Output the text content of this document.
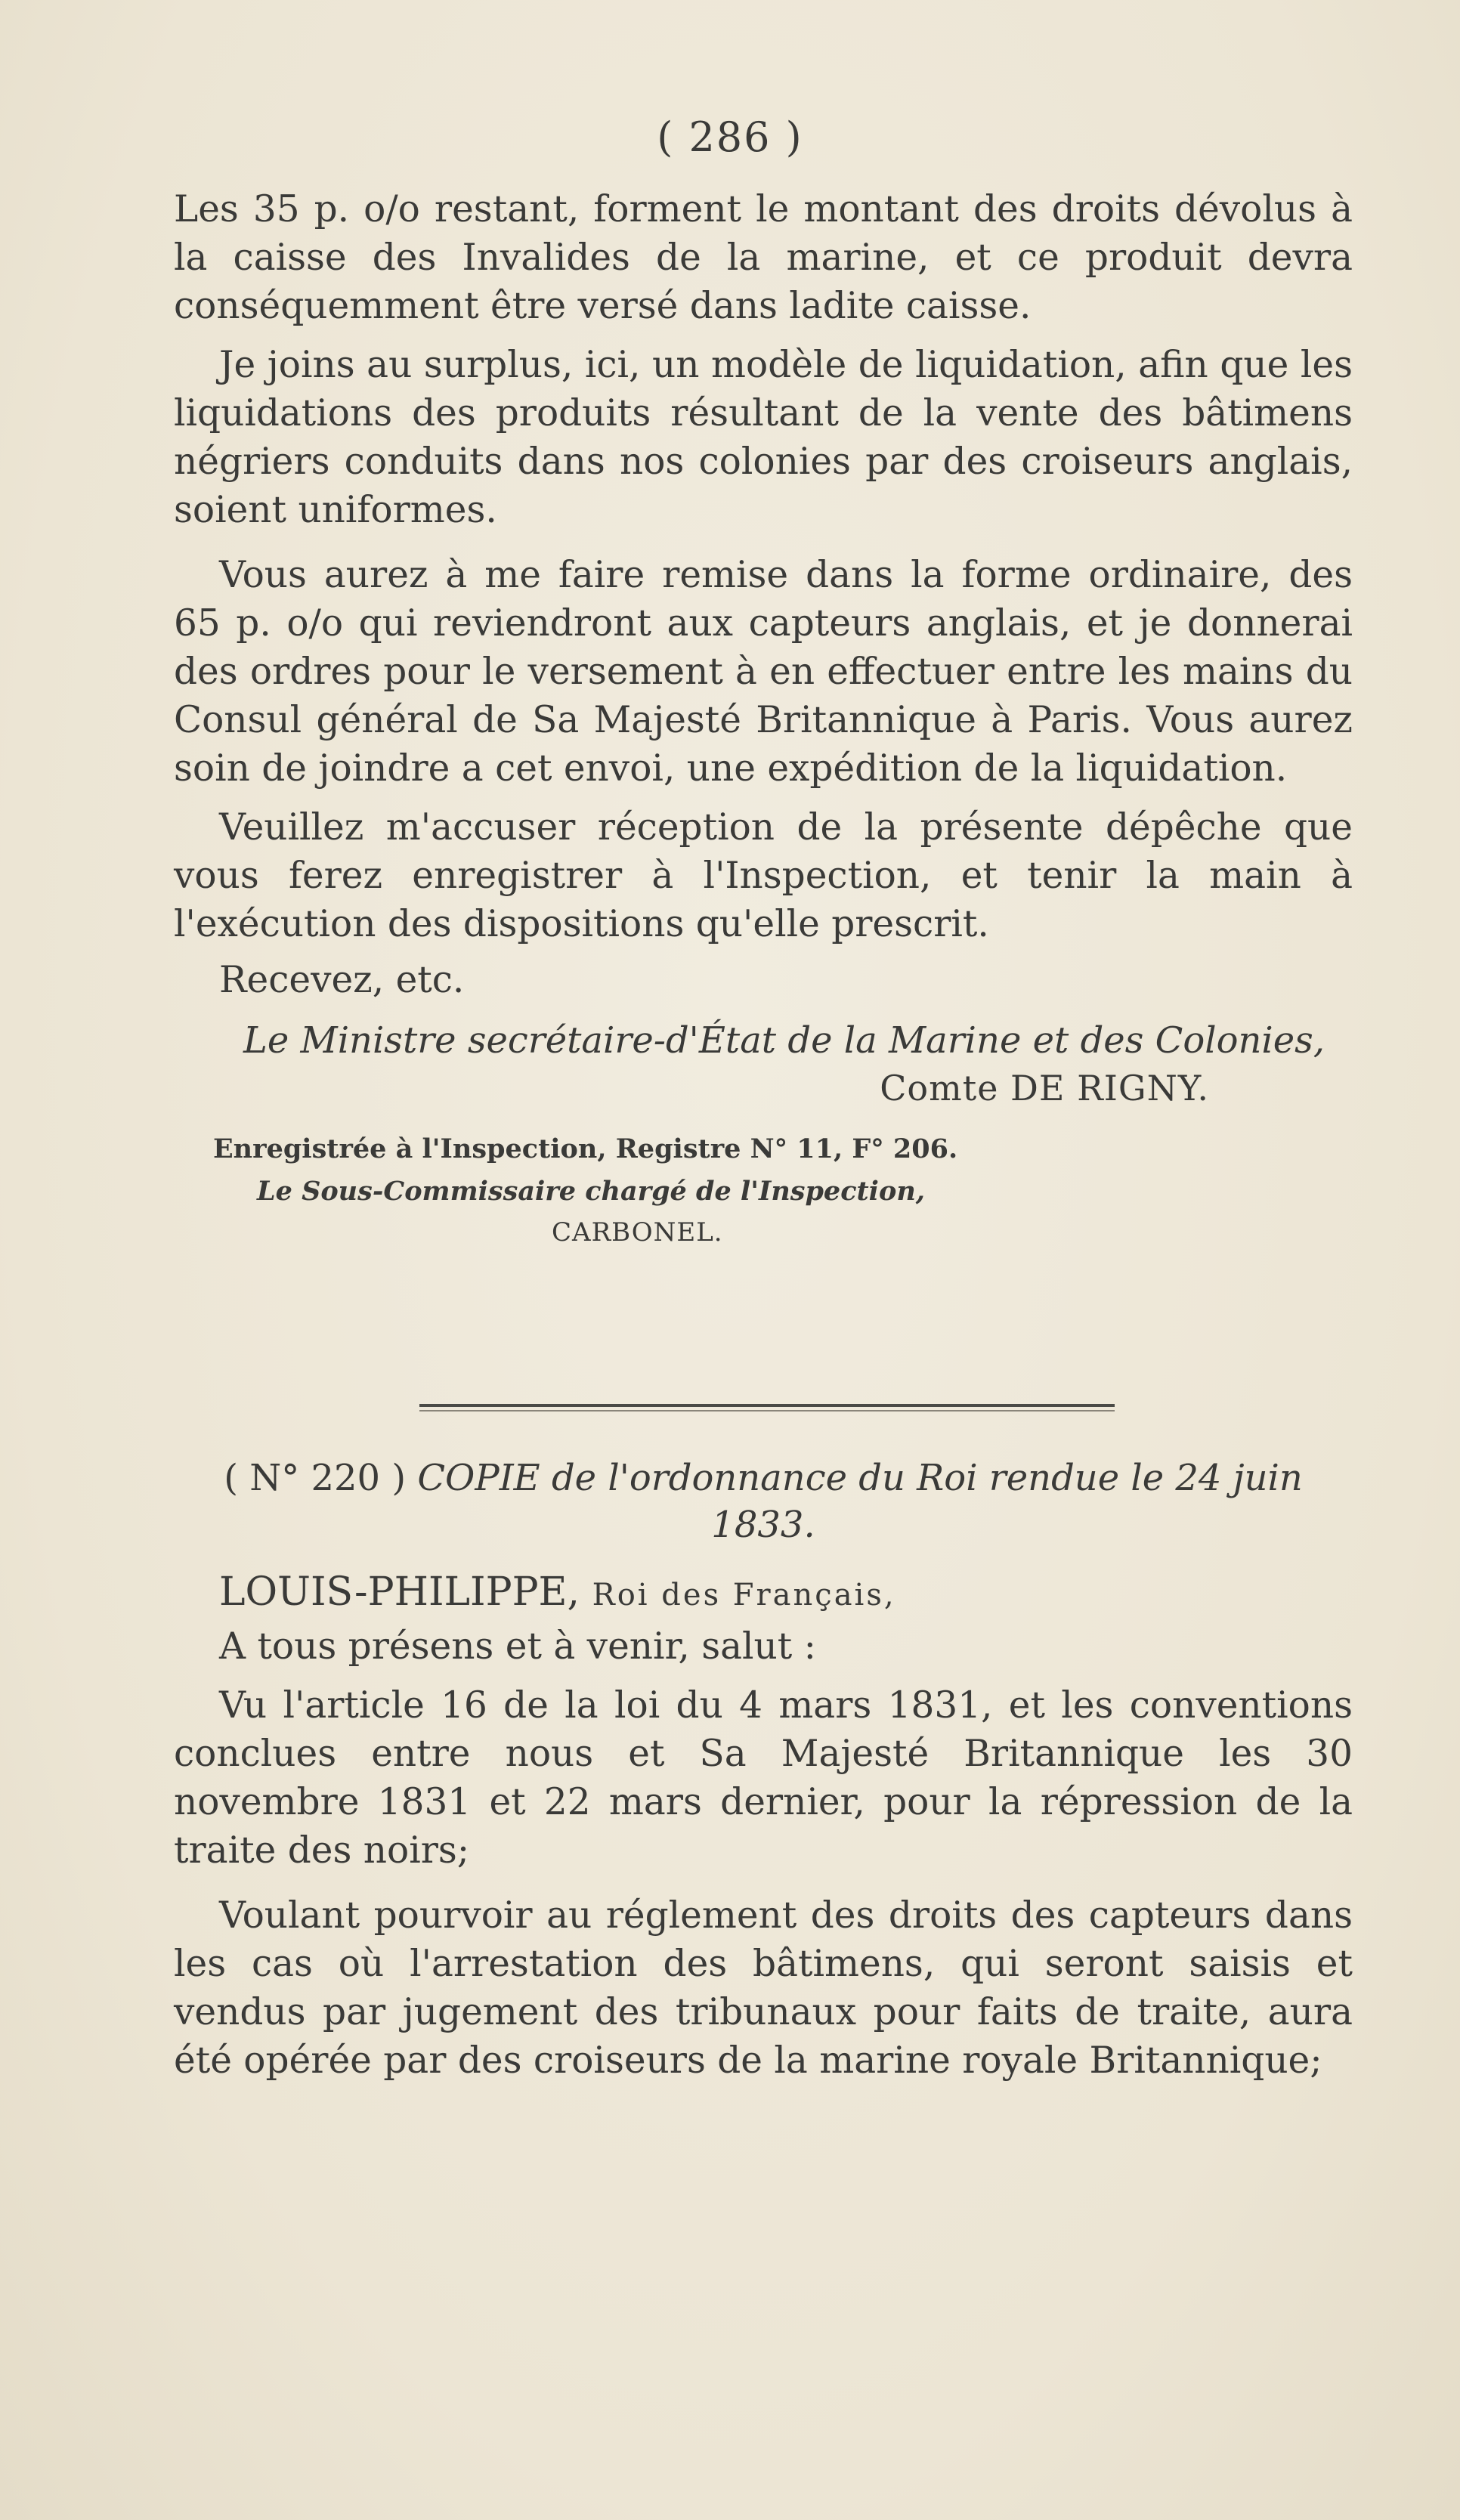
( 286 )

Les 35 p. o/o restant, forment le montant des droits dévolus à la caisse des Invalides de la marine, et ce produit devra conséquemment être versé dans ladite caisse.

Je joins au surplus, ici, un modèle de liquidation, afin que les liquidations des produits résultant de la vente des bâtimens négriers conduits dans nos colonies par des croiseurs anglais, soient uniformes.

Vous aurez à me faire remise dans la forme ordinaire, des 65 p. o/o qui reviendront aux capteurs anglais, et je donnerai des ordres pour le versement à en effectuer entre les mains du Consul général de Sa Majesté Britannique à Paris. Vous aurez soin de joindre a cet envoi, une expédition de la liquidation.

Veuillez m'accuser réception de la présente dépêche que vous ferez enregistrer à l'Inspection, et tenir la main à l'exécution des dispositions qu'elle prescrit.

Recevez, etc.

Le Ministre secrétaire-d'État de la Marine et des Colonies,
Comte DE RIGNY.
Enregistrée à l'Inspection, Registre N° 11, F° 206.
Le Sous-Commissaire chargé de l'Inspection,
CARBONEL.
( N° 220 ) COPIE de l'ordonnance du Roi rendue le 24 juin 1833.
LOUIS-PHILIPPE, Roi des Français,

A tous présens et à venir, salut :

Vu l'article 16 de la loi du 4 mars 1831, et les conventions conclues entre nous et Sa Majesté Britannique les 30 novembre 1831 et 22 mars dernier, pour la répression de la traite des noirs;

Voulant pourvoir au réglement des droits des capteurs dans les cas où l'arrestation des bâtimens, qui seront saisis et vendus par jugement des tribunaux pour faits de traite, aura été opérée par des croiseurs de la marine royale Britannique;
